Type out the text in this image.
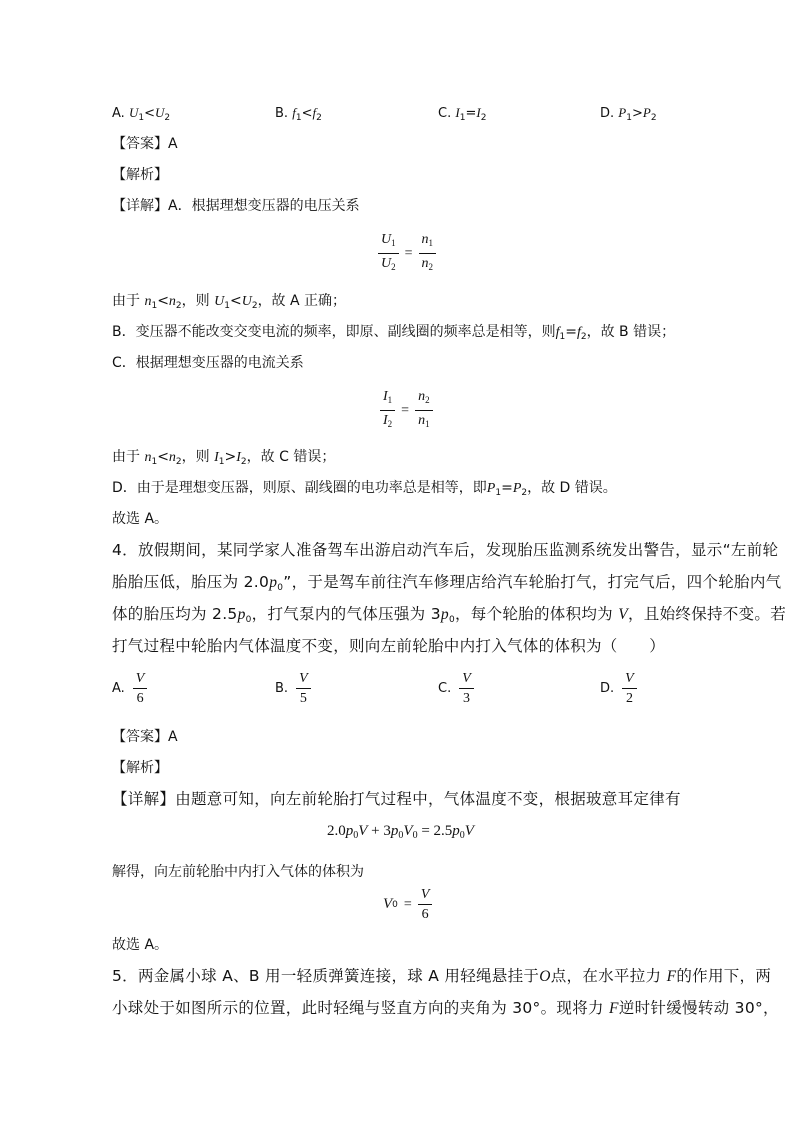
A. $U_1<U_2$	B. $f_1<f_2$	C. $I_1=I_2$	D. $P_1>P_2$
【答案】A
【解析】
【详解】A．根据理想变压器的电压关系
$\frac{U_1}{U_2} = \frac{n_1}{n_2}$
由于 $n_1<n_2$，则 $U_1<U_2$，故 A 正确；
B．变压器不能改变交变电流的频率，即原、副线圈的频率总是相等，则$f_1=f_2$，故 B 错误；
C．根据理想变压器的电流关系
$\frac{I_1}{I_2} = \frac{n_2}{n_1}$
由于 $n_1<n_2$，则 $I_1>I_2$，故 C 错误；
D．由于是理想变压器，则原、副线圈的电功率总是相等，即$P_1=P_2$，故 D 错误。
故选 A。
4．放假期间，某同学家人准备驾车出游启动汽车后，发现胎压监测系统发出警告，显示“左前轮
胎胎压低，胎压为 $2.0p_0$”，于是驾车前往汽车修理店给汽车轮胎打气，打完气后，四个轮胎内气
体的胎压均为 $2.5p_0$，打气泵内的气体压强为 $3p_0$，每个轮胎的体积均为 V，且始终保持不变。若
打气过程中轮胎内气体温度不变，则向左前轮胎中内打入气体的体积为（　　）
A.
V
6
B.
V
5
C.
V
3
D.
V
2
【答案】A
【解析】
【详解】由题意可知，向左前轮胎打气过程中，气体温度不变，根据玻意耳定律有
$2.0p_0V + 3p_0V_0 = 2.5p_0V$
解得，向左前轮胎中内打入气体的体积为
V $0 = \frac{V}{6}$
故选 A。
5．两金属小球 A、B 用一轻质弹簧连接，球 A 用轻绳悬挂于O点，在水平拉力 F的作用下，两
小球处于如图所示的位置，此时轻绳与竖直方向的夹角为 30°。现将力 F逆时针缓慢转动 30°，
